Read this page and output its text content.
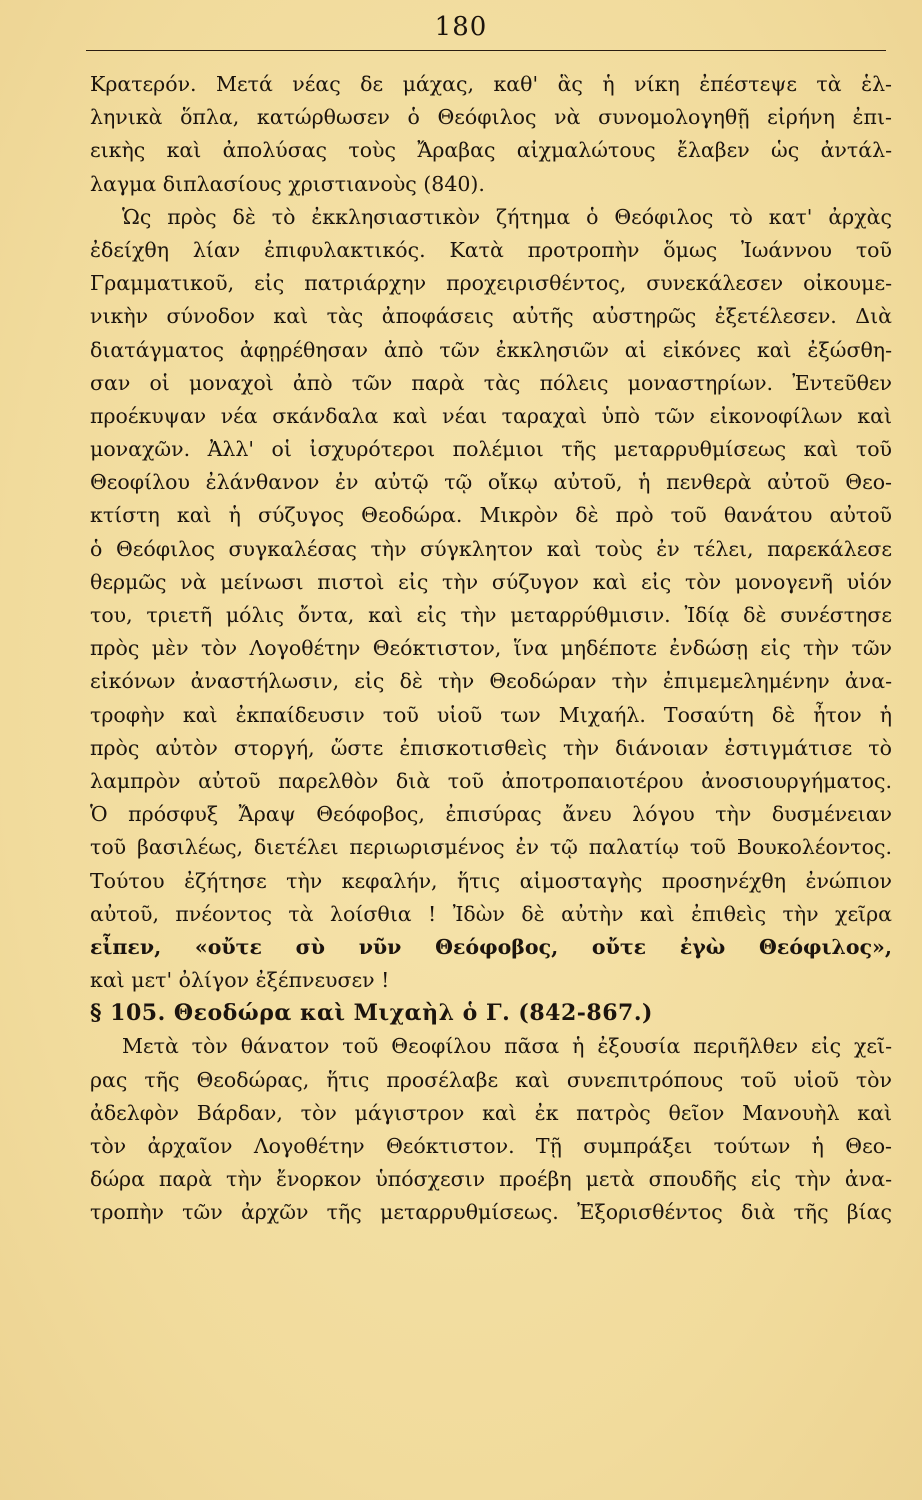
180
Κρατερόν. Μετά νέας δε μάχας, καθ' ἃς ἡ νίκη ἐπέστεψε τὰ ἑλ-
ληνικὰ ὅπλα, κατώρθωσεν ὁ Θεόφιλος νὰ συνομολογηθῇ εἰρήνη ἐπι-
εικὴς καὶ ἀπολύσας τοὺς Ἄραβας αἰχμαλώτους ἔλαβεν ὡς ἀντάλ-
λαγμα διπλασίους χριστιανοὺς (840).
Ὡς πρὸς δὲ τὸ ἐκκλησιαστικὸν ζήτημα ὁ Θεόφιλος τὸ κατ' ἀρχὰς
ἐδείχθη λίαν ἐπιφυλακτικός. Κατὰ προτροπὴν ὅμως Ἰωάννου τοῦ
Γραμματικοῦ, εἰς πατριάρχην προχειρισθέντος, συνεκάλεσεν οἰκουμε-
νικὴν σύνοδον καὶ τὰς ἀποφάσεις αὐτῆς αὐστηρῶς ἐξετέλεσεν. Διὰ
διατάγματος ἀφῃρέθησαν ἀπὸ τῶν ἐκκλησιῶν αἱ εἰκόνες καὶ ἐξώσθη-
σαν οἱ μοναχοὶ ἀπὸ τῶν παρὰ τὰς πόλεις μοναστηρίων. Ἐντεῦθεν
προέκυψαν νέα σκάνδαλα καὶ νέαι ταραχαὶ ὑπὸ τῶν εἰκονοφίλων καὶ
μοναχῶν. Ἀλλ' οἱ ἰσχυρότεροι πολέμιοι τῆς μεταρρυθμίσεως καὶ τοῦ
Θεοφίλου ἐλάνθανον ἐν αὐτῷ τῷ οἴκῳ αὐτοῦ, ἡ πενθερὰ αὐτοῦ Θεο-
κτίστη καὶ ἡ σύζυγος Θεοδώρα. Μικρὸν δὲ πρὸ τοῦ θανάτου αὐτοῦ
ὁ Θεόφιλος συγκαλέσας τὴν σύγκλητον καὶ τοὺς ἐν τέλει, παρεκάλεσε
θερμῶς νὰ μείνωσι πιστοὶ εἰς τὴν σύζυγον καὶ εἰς τὸν μονογενῆ υἱόν
του, τριετῆ μόλις ὄντα, καὶ εἰς τὴν μεταρρύθμισιν. Ἰδίᾳ δὲ συνέστησε
πρὸς μὲν τὸν Λογοθέτην Θεόκτιστον, ἵνα μηδέποτε ἐνδώσῃ εἰς τὴν τῶν
εἰκόνων ἀναστήλωσιν, εἰς δὲ τὴν Θεοδώραν τὴν ἐπιμεμελημένην ἀνα-
τροφὴν καὶ ἐκπαίδευσιν τοῦ υἱοῦ των Μιχαήλ. Τοσαύτη δὲ ἦτον ἡ
πρὸς αὐτὸν στοργή, ὥστε ἐπισκοτισθεὶς τὴν διάνοιαν ἐστιγμάτισε τὸ
λαμπρὸν αὐτοῦ παρελθὸν διὰ τοῦ ἀποτροπαιοτέρου ἀνοσιουργήματος.
Ὁ πρόσφυξ Ἄραψ Θεόφοβος, ἐπισύρας ἄνευ λόγου τὴν δυσμένειαν
τοῦ βασιλέως, διετέλει περιωρισμένος ἐν τῷ παλατίῳ τοῦ Βουκολέοντος.
Τούτου ἐζήτησε τὴν κεφαλήν, ἥτις αἱμοσταγὴς προσηνέχθη ἐνώπιον
αὐτοῦ, πνέοντος τὰ λοίσθια ! Ἰδὼν δὲ αὐτὴν καὶ ἐπιθεὶς τὴν χεῖρα
εἶπεν, «οὔτε σὺ νῦν Θεόφοβος, οὔτε ἐγὼ Θεόφιλος»,
καὶ μετ' ὀλίγον ἐξέπνευσεν !
§ 105. Θεοδώρα καὶ Μιχαὴλ ὁ Γ. (842-867.)
Μετὰ τὸν θάνατον τοῦ Θεοφίλου πᾶσα ἡ ἐξουσία περιῆλθεν εἰς χεῖ-
ρας τῆς Θεοδώρας, ἥτις προσέλαβε καὶ συνεπιτρόπους τοῦ υἱοῦ τὸν
ἀδελφὸν Βάρδαν, τὸν μάγιστρον καὶ ἐκ πατρὸς θεῖον Μανουὴλ καὶ
τὸν ἀρχαῖον Λογοθέτην Θεόκτιστον. Τῇ συμπράξει τούτων ἡ Θεο-
δώρα παρὰ τὴν ἔνορκον ὑπόσχεσιν προέβη μετὰ σπουδῆς εἰς τὴν ἀνα-
τροπὴν τῶν ἀρχῶν τῆς μεταρρυθμίσεως. Ἐξορισθέντος διὰ τῆς βίας
